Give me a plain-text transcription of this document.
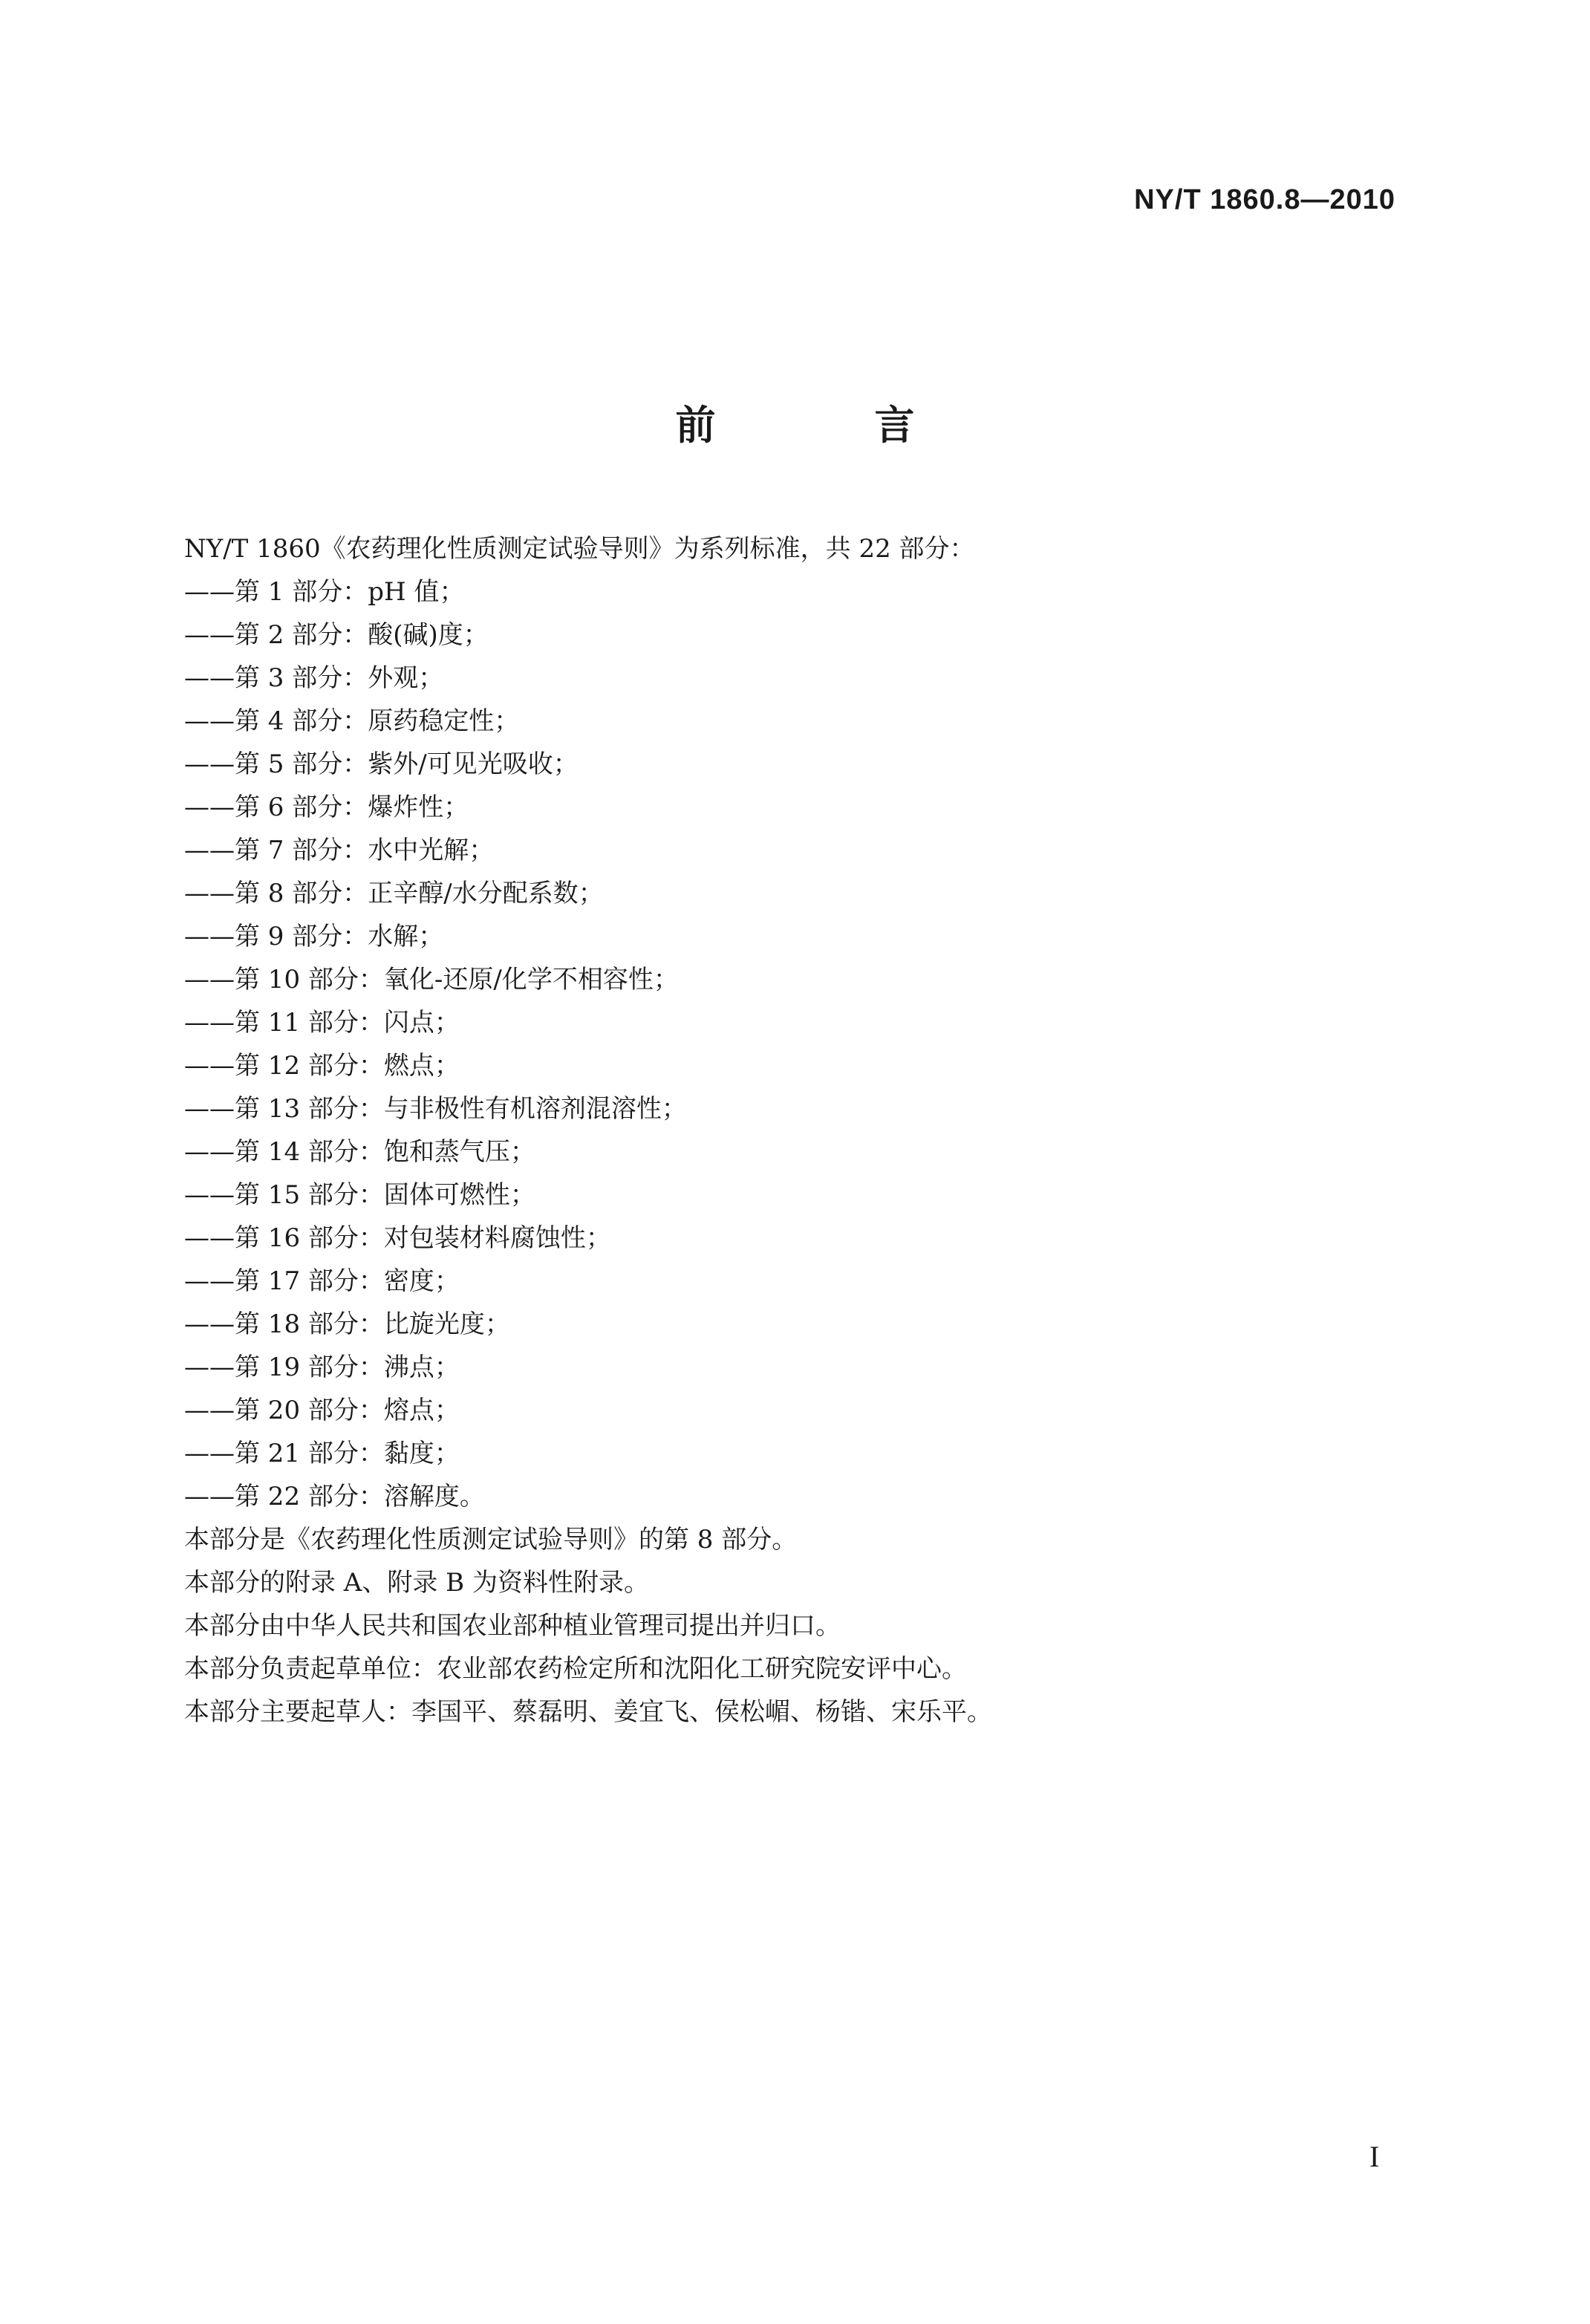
NY/T 1860.8—2010
前　言
NY/T 1860《农药理化性质测定试验导则》为系列标准，共 22 部分：
——第 1 部分：pH 值；
——第 2 部分：酸(碱)度；
——第 3 部分：外观；
——第 4 部分：原药稳定性；
——第 5 部分：紫外/可见光吸收；
——第 6 部分：爆炸性；
——第 7 部分：水中光解；
——第 8 部分：正辛醇/水分配系数；
——第 9 部分：水解；
——第 10 部分：氧化-还原/化学不相容性；
——第 11 部分：闪点；
——第 12 部分：燃点；
——第 13 部分：与非极性有机溶剂混溶性；
——第 14 部分：饱和蒸气压；
——第 15 部分：固体可燃性；
——第 16 部分：对包装材料腐蚀性；
——第 17 部分：密度；
——第 18 部分：比旋光度；
——第 19 部分：沸点；
——第 20 部分：熔点；
——第 21 部分：黏度；
——第 22 部分：溶解度。
本部分是《农药理化性质测定试验导则》的第 8 部分。
本部分的附录 A、附录 B 为资料性附录。
本部分由中华人民共和国农业部种植业管理司提出并归口。
本部分负责起草单位：农业部农药检定所和沈阳化工研究院安评中心。
本部分主要起草人：李国平、蔡磊明、姜宜飞、侯松嵋、杨锴、宋乐平。
I
